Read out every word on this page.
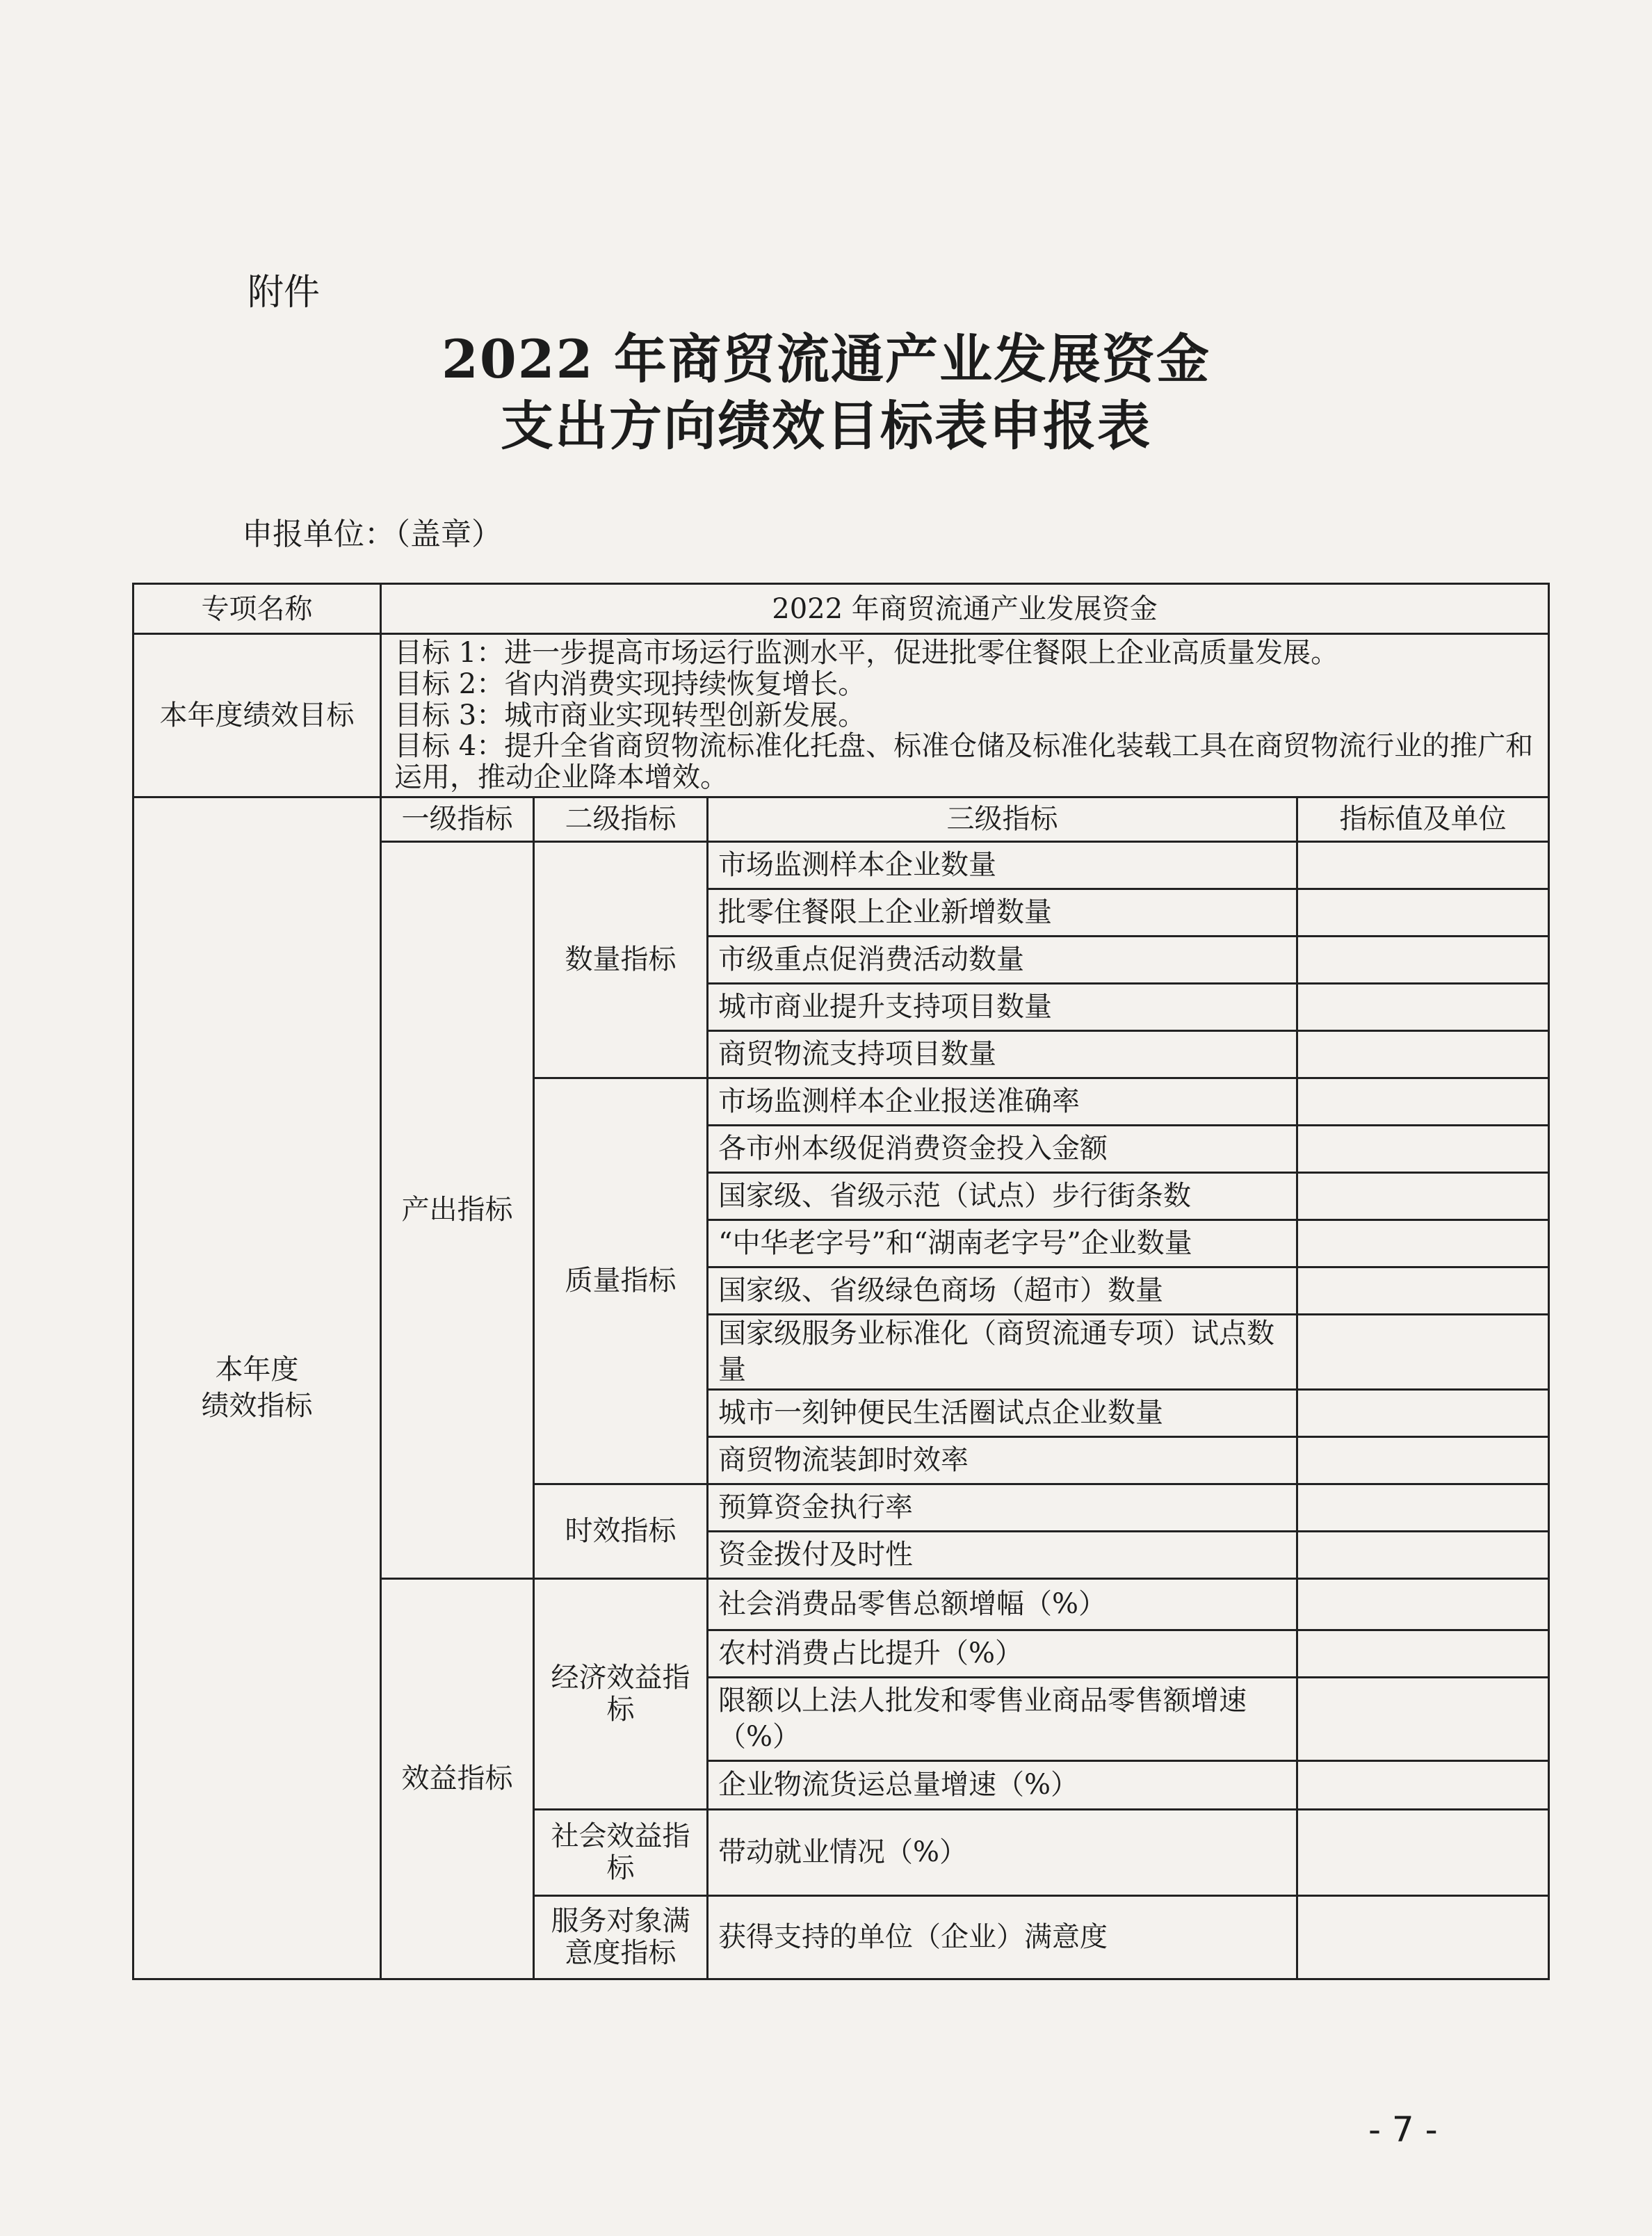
附件
2022 年商贸流通产业发展资金
支出方向绩效目标表申报表
申报单位：（盖章）
专项名称	2022 年商贸流通产业发展资金			
本年度绩效目标	目标 1：进一步提高市场运行监测水平，促进批零住餐限上企业高质量发展。
目标 2：省内消费实现持续恢复增长。
目标 3：城市商业实现转型创新发展。
目标 4：提升全省商贸物流标准化托盘、标准仓储及标准化装载工具在商贸物流行业的推广和运用，推动企业降本增效。			

本年度
绩效指标	一级指标	二级指标	三级指标	指标值及单位
	产出指标	数量指标	市场监测样本企业数量	
			批零住餐限上企业新增数量	
			市级重点促消费活动数量	
			城市商业提升支持项目数量	
			商贸物流支持项目数量	
		质量指标	市场监测样本企业报送准确率	
			各市州本级促消费资金投入金额	
			国家级、省级示范（试点）步行街条数	
			“中华老字号”和“湖南老字号”企业数量	
			国家级、省级绿色商场（超市）数量	
			国家级服务业标准化（商贸流通专项）试点数量	
			城市一刻钟便民生活圈试点企业数量	
			商贸物流装卸时效率	
		时效指标	预算资金执行率	
			资金拨付及时性	
	效益指标	经济效益指标	社会消费品零售总额增幅（%）	
			农村消费占比提升（%）	
			限额以上法人批发和零售业商品零售额增速（%）	
			企业物流货运总量增速（%）	
		社会效益指标	带动就业情况（%）	
		服务对象满意度指标	获得支持的单位（企业）满意度	
- 7 -
